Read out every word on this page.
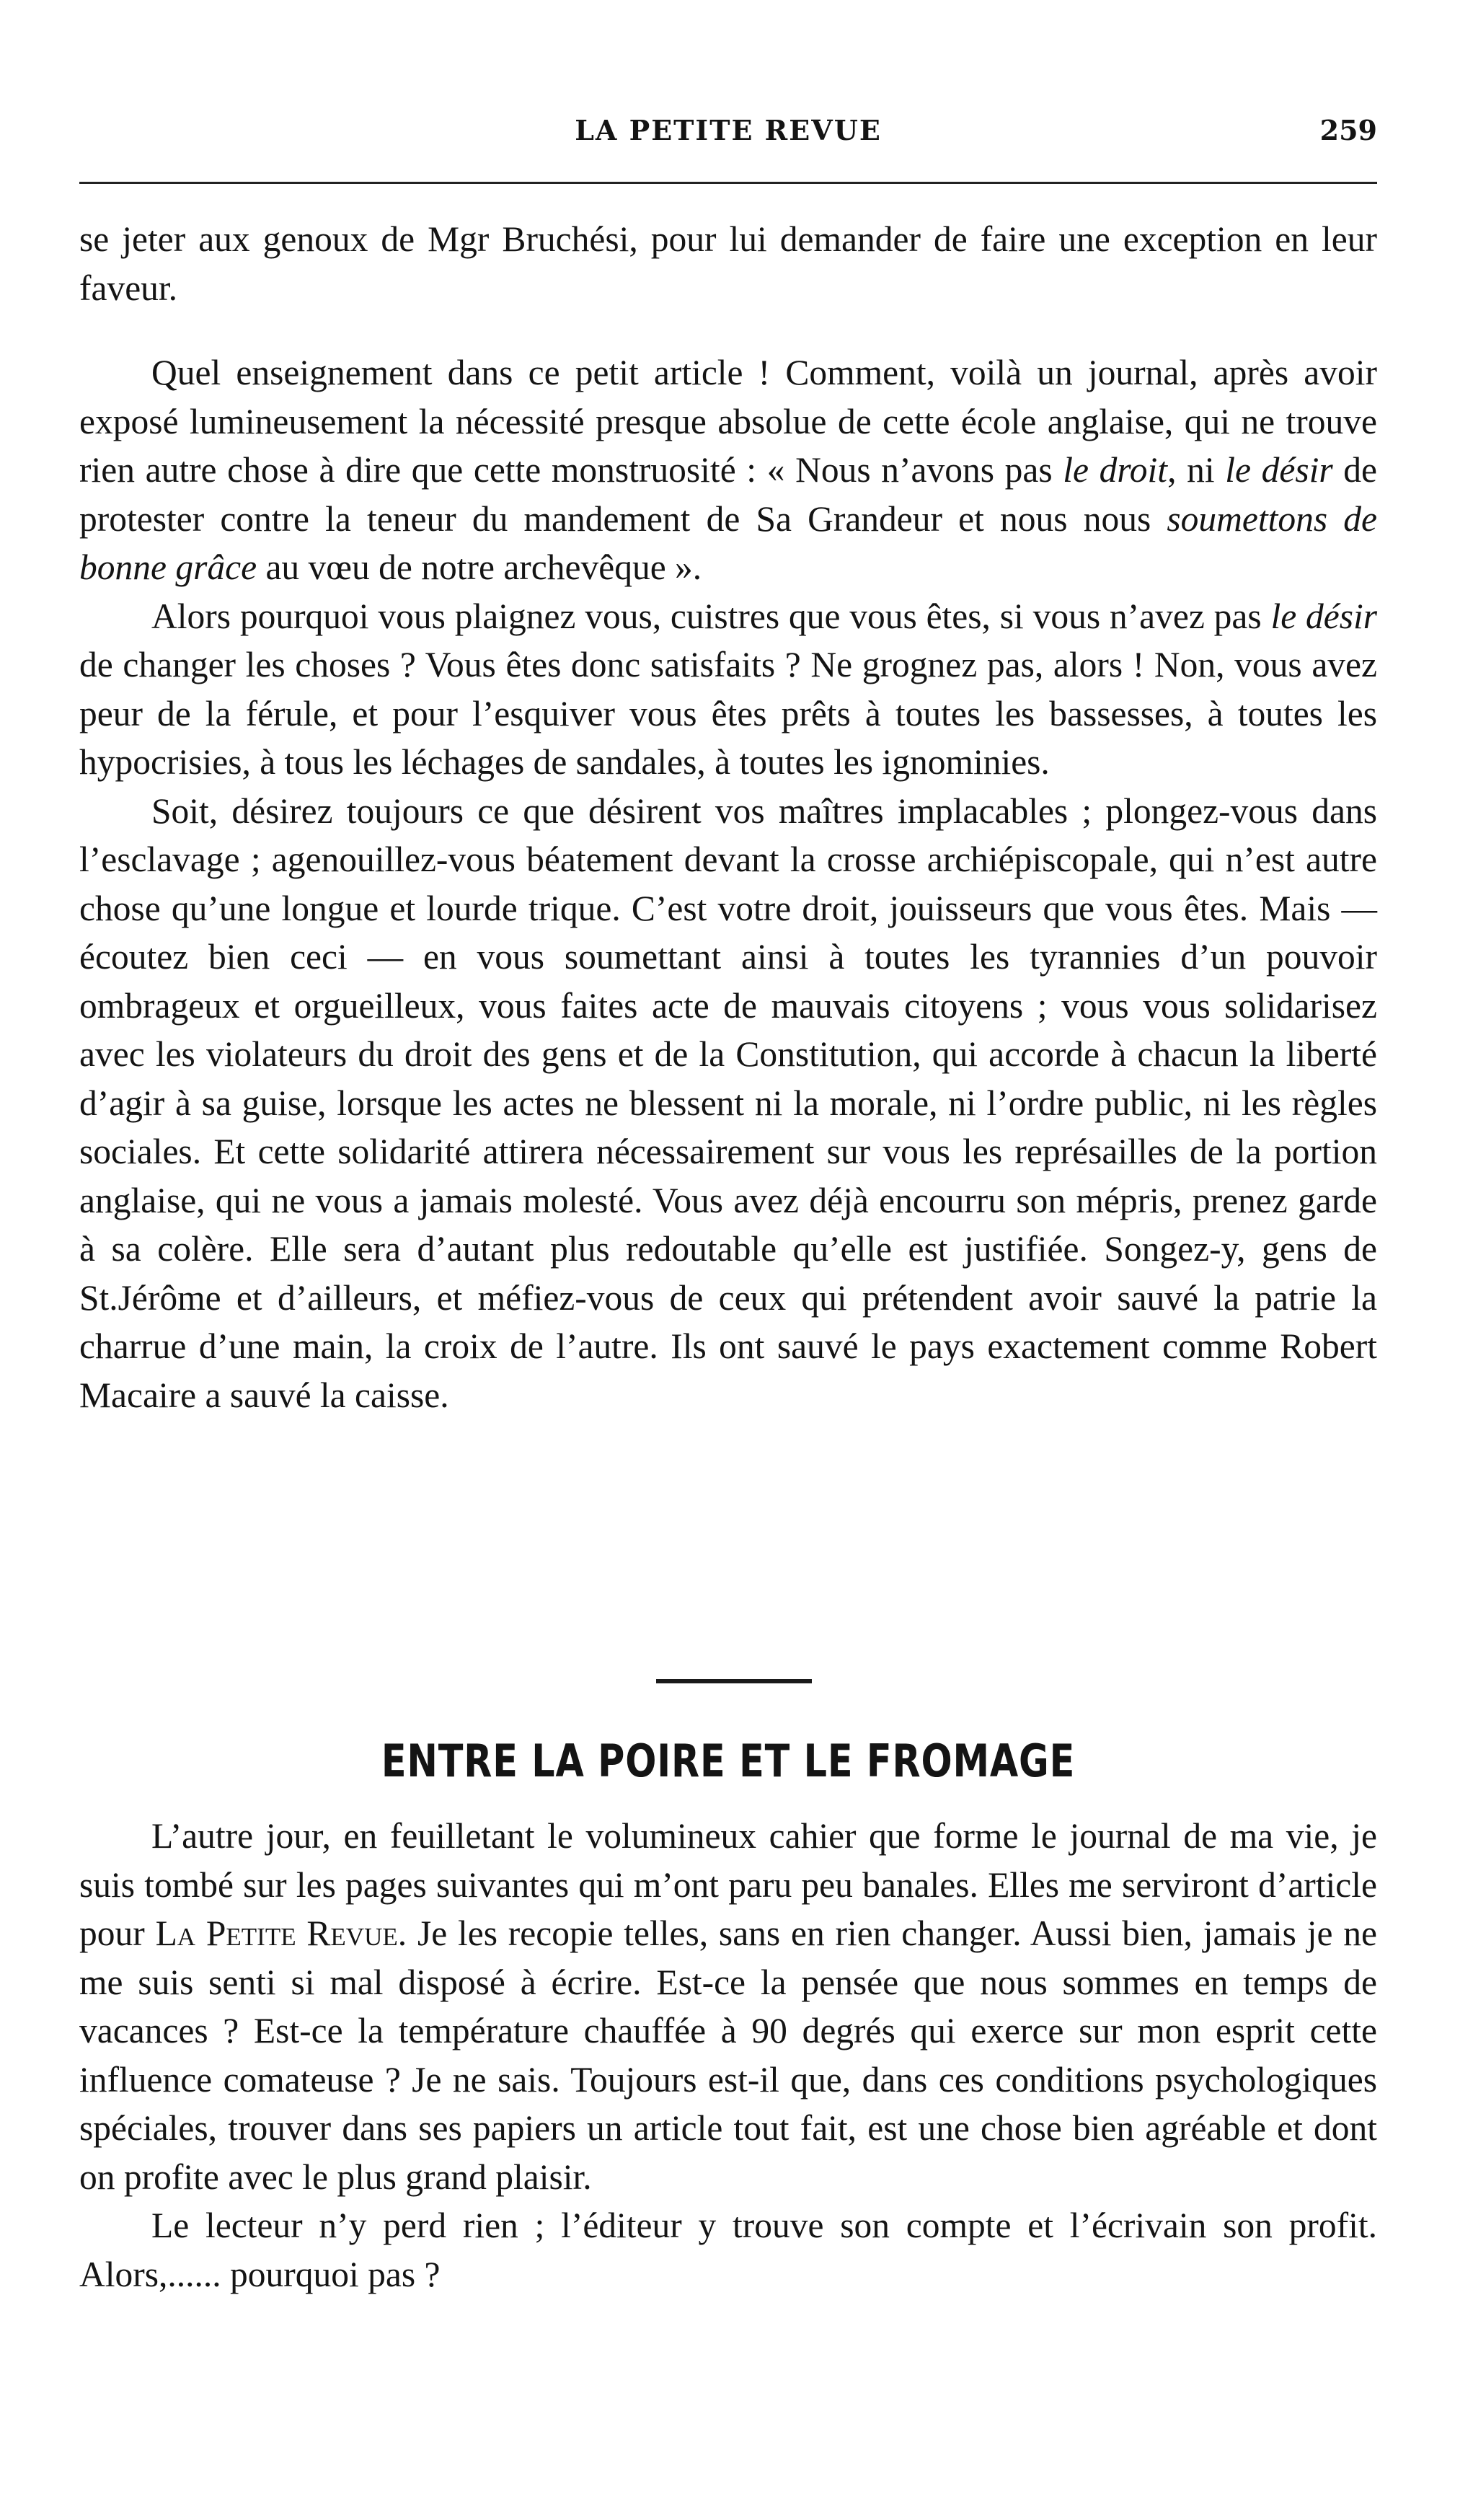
LA PETITE REVUE	259

se jeter aux genoux de Mgr Bruchési, pour lui demander de faire une exception en leur faveur.

Quel enseignement dans ce petit article ! Comment, voilà un journal, après avoir exposé lumineusement la nécessité presque absolue de cette école anglaise, qui ne trouve rien autre chose à dire que cette monstruosité : « Nous n’avons pas le droit, ni le désir de protester contre la teneur du mandement de Sa Grandeur et nous nous soumettons de bonne grâce au vœu de notre archevêque ».

Alors pourquoi vous plaignez vous, cuistres que vous êtes, si vous n’avez pas le désir de changer les choses ? Vous êtes donc satisfaits ? Ne grognez pas, alors ! Non, vous avez peur de la férule, et pour l’esquiver vous êtes prêts à toutes les bassesses, à toutes les hypocrisies, à tous les léchages de sandales, à toutes les ignominies.

Soit, désirez toujours ce que désirent vos maîtres implacables ; plongez-vous dans l’esclavage ; agenouillez-vous béatement devant la crosse archiépiscopale, qui n’est autre chose qu’une longue et lourde trique. C’est votre droit, jouisseurs que vous êtes. Mais — écoutez bien ceci — en vous soumettant ainsi à toutes les tyrannies d’un pouvoir ombrageux et orgueilleux, vous faites acte de mauvais citoyens ; vous vous solidarisez avec les violateurs du droit des gens et de la Constitution, qui accorde à chacun la liberté d’agir à sa guise, lorsque les actes ne blessent ni la morale, ni l’ordre public, ni les règles sociales. Et cette solidarité attirera nécessairement sur vous les représailles de la portion anglaise, qui ne vous a jamais molesté. Vous avez déjà encourru son mépris, prenez garde à sa colère. Elle sera d’autant plus redoutable qu’elle est justifiée. Songez-y, gens de St.Jérôme et d’ailleurs, et méfiez-vous de ceux qui prétendent avoir sauvé la patrie la charrue d’une main, la croix de l’autre. Ils ont sauvé le pays exactement comme Robert Macaire a sauvé la caisse.

ENTRE LA POIRE ET LE FROMAGE

L’autre jour, en feuilletant le volumineux cahier que forme le journal de ma vie, je suis tombé sur les pages suivantes qui m’ont paru peu banales. Elles me serviront d’article pour La Petite Revue. Je les recopie telles, sans en rien changer. Aussi bien, jamais je ne me suis senti si mal disposé à écrire. Est-ce la pensée que nous sommes en temps de vacances ? Est-ce la température chauffée à 90 degrés qui exerce sur mon esprit cette influence comateuse ? Je ne sais. Toujours est-il que, dans ces conditions psychologiques spéciales, trouver dans ses papiers un article tout fait, est une chose bien agréable et dont on profite avec le plus grand plaisir.

Le lecteur n’y perd rien ; l’éditeur y trouve son compte et l’écrivain son profit. Alors,...... pourquoi pas ?
